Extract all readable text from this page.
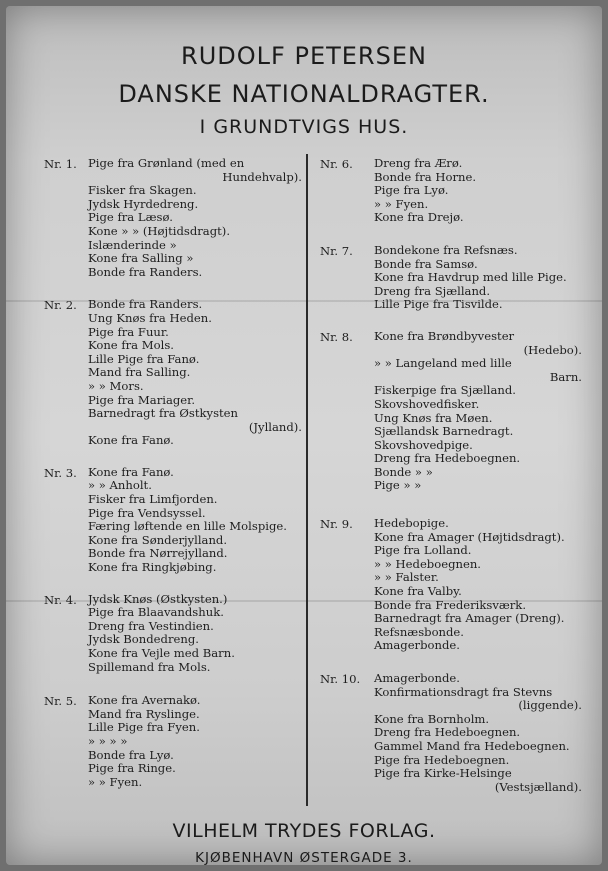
RUDOLF PETERSEN
DANSKE NATIONALDRAGTER.
I GRUNDTVIGS HUS.
Nr. 1. Pige fra Grønland (med en
Hundehvalp).
Fisker fra Skagen.
Jydsk Hyrdedreng.
Pige fra Læsø.
Kone » » (Højtidsdragt).
Islænderinde »
Kone fra Salling »
Bonde fra Randers.
Nr. 2. Bonde fra Randers.
Ung Knøs fra Heden.
Pige fra Fuur.
Kone fra Mols.
Lille Pige fra Fanø.
Mand fra Salling.
» » Mors.
Pige fra Mariager.
Barnedragt fra Østkysten
(Jylland).
Kone fra Fanø.
Nr. 3. Kone fra Fanø.
» » Anholt.
Fisker fra Limfjorden.
Pige fra Vendsyssel.
Færing løftende en lille Molspige.
Kone fra Sønderjylland.
Bonde fra Nørrejylland.
Kone fra Ringkjøbing.
Nr. 4. Jydsk Knøs (Østkysten.)
Pige fra Blaavandshuk.
Dreng fra Vestindien.
Jydsk Bondedreng.
Kone fra Vejle med Barn.
Spillemand fra Mols.
Nr. 5. Kone fra Avernakø.
Mand fra Ryslinge.
Lille Pige fra Fyen.
» » » »
Bonde fra Lyø.
Pige fra Ringe.
» » Fyen.
Nr. 6. Dreng fra Ærø.
Bonde fra Horne.
Pige fra Lyø.
» » Fyen.
Kone fra Drejø.
Nr. 7. Bondekone fra Refsnæs.
Bonde fra Samsø.
Kone fra Havdrup med lille Pige.
Dreng fra Sjælland.
Lille Pige fra Tisvilde.
Nr. 8. Kone fra Brøndbyvester
(Hedebo).
» » Langeland med lille
Barn.
Fiskerpige fra Sjælland.
Skovshovedfisker.
Ung Knøs fra Møen.
Sjællandsk Barnedragt.
Skovshovedpige.
Dreng fra Hedeboegnen.
Bonde » »
Pige » »
Nr. 9. Hedebopige.
Kone fra Amager (Højtidsdragt).
Pige fra Lolland.
» » Hedeboegnen.
» » Falster.
Kone fra Valby.
Bonde fra Frederiksværk.
Barnedragt fra Amager (Dreng).
Refsnæsbonde.
Amagerbonde.
Nr. 10. Amagerbonde.
Konfirmationsdragt fra Stevns
(liggende).
Kone fra Bornholm.
Dreng fra Hedeboegnen.
Gammel Mand fra Hedeboegnen.
Pige fra Hedeboegnen.
Pige fra Kirke-Helsinge
(Vestsjælland).
VILHELM TRYDES FORLAG.
KJØBENHAVN ØSTERGADE 3.
